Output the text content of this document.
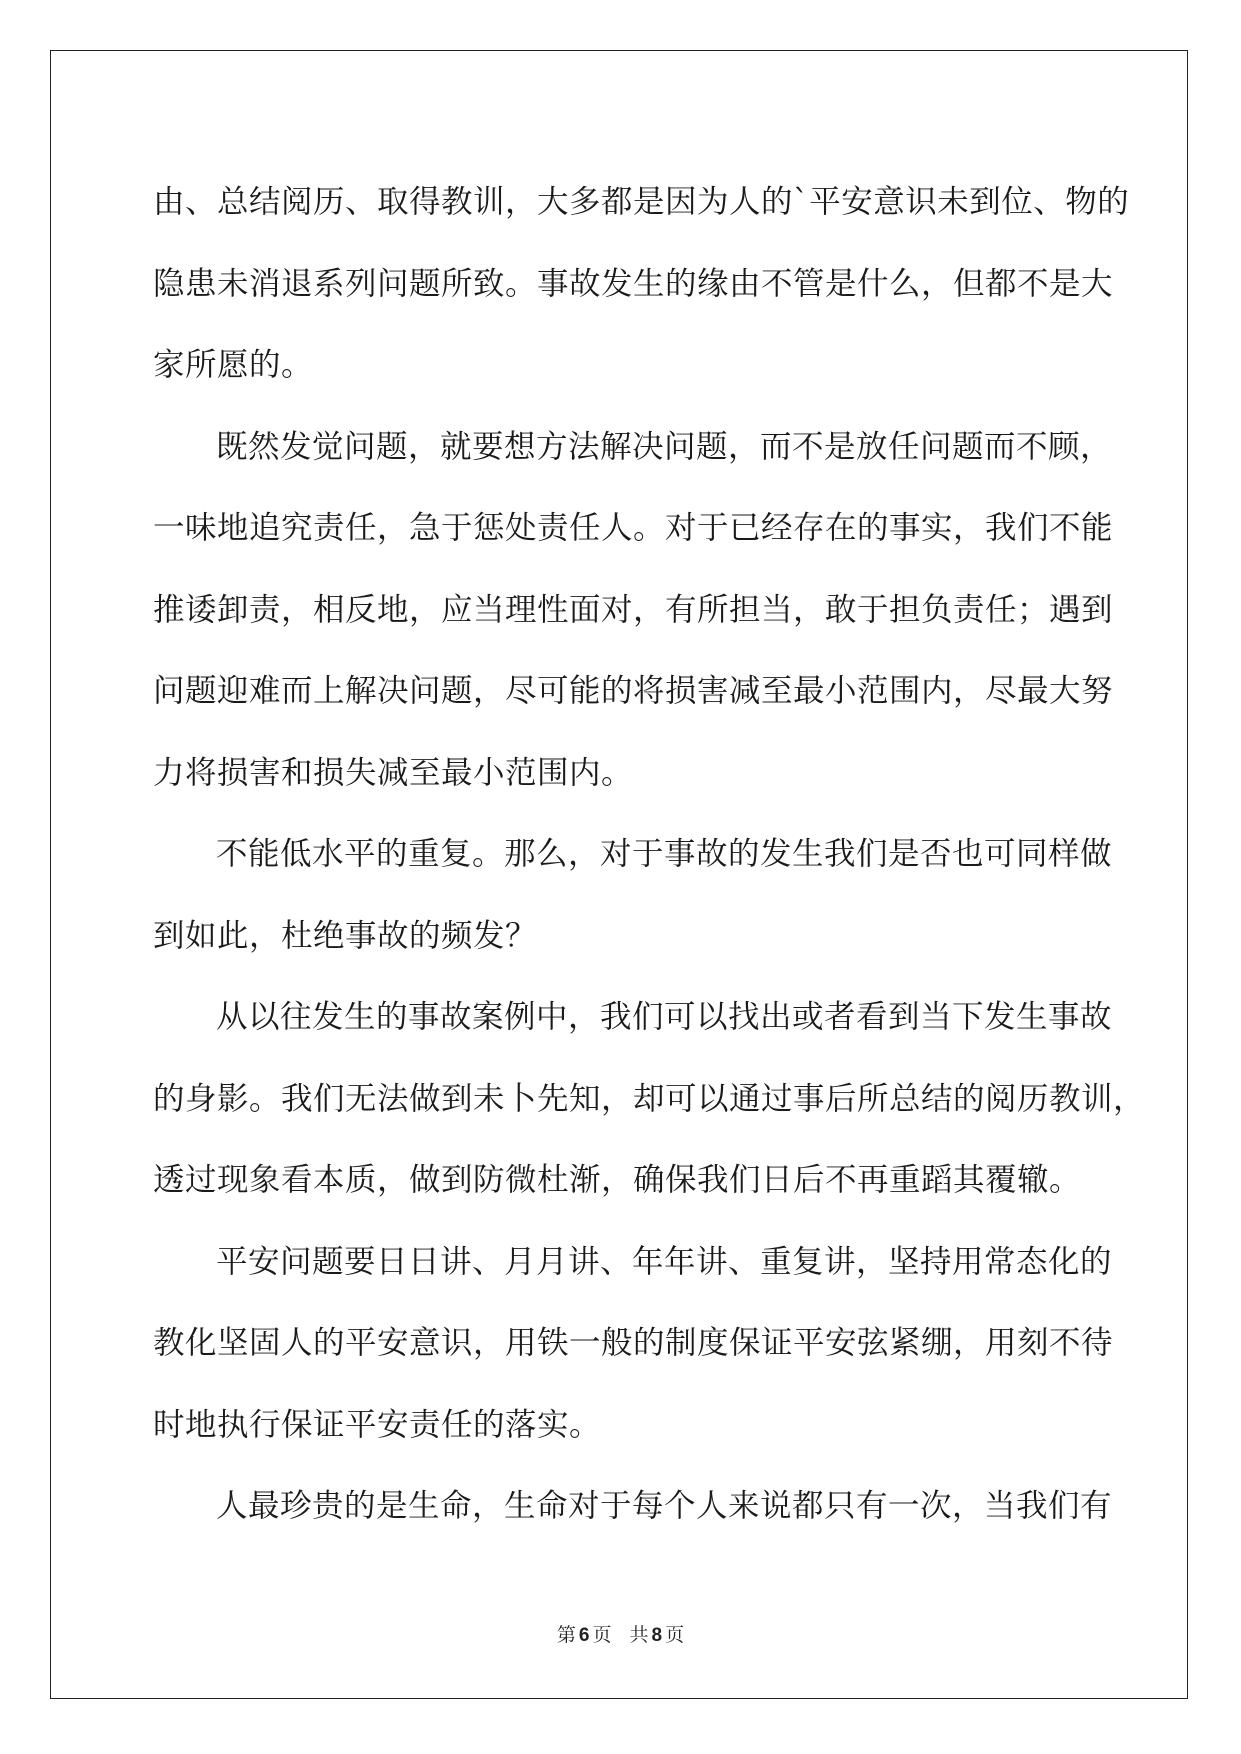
由、总结阅历、取得教训，大多都是因为人的`平安意识未到位、物的
隐患未消退系列问题所致。事故发生的缘由不管是什么，但都不是大
家所愿的。
既然发觉问题，就要想方法解决问题，而不是放任问题而不顾，
一味地追究责任，急于惩处责任人。对于已经存在的事实，我们不能
推诿卸责，相反地，应当理性面对，有所担当，敢于担负责任；遇到
问题迎难而上解决问题，尽可能的将损害减至最小范围内，尽最大努
力将损害和损失减至最小范围内。
不能低水平的重复。那么，对于事故的发生我们是否也可同样做
到如此，杜绝事故的频发？
从以往发生的事故案例中，我们可以找出或者看到当下发生事故
的身影。我们无法做到未卜先知，却可以通过事后所总结的阅历教训，
透过现象看本质，做到防微杜渐，确保我们日后不再重蹈其覆辙。
平安问题要日日讲、月月讲、年年讲、重复讲，坚持用常态化的
教化坚固人的平安意识，用铁一般的制度保证平安弦紧绷，用刻不待
时地执行保证平安责任的落实。
人最珍贵的是生命，生命对于每个人来说都只有一次，当我们有
第 6 页 共 8 页
